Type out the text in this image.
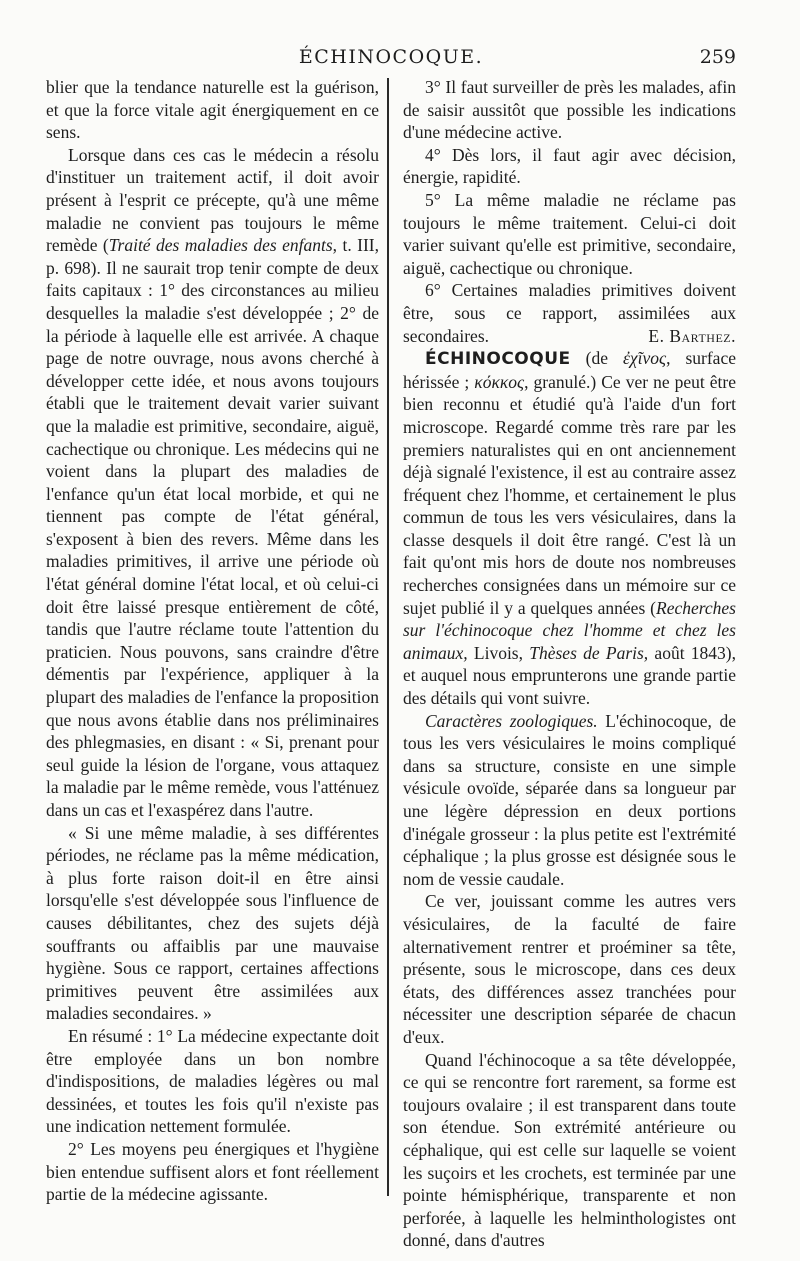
ÉCHINOCOQUE.	259

blier que la tendance naturelle est la guérison, et que la force vitale agit énergiquement en ce sens.

Lorsque dans ces cas le médecin a résolu d'instituer un traitement actif, il doit avoir présent à l'esprit ce précepte, qu'à une même maladie ne convient pas toujours le même remède (Traité des maladies des enfants, t. III, p. 698). Il ne saurait trop tenir compte de deux faits capitaux : 1° des circonstances au milieu desquelles la maladie s'est développée ; 2° de la période à laquelle elle est arrivée. A chaque page de notre ouvrage, nous avons cherché à développer cette idée, et nous avons toujours établi que le traitement devait varier suivant que la maladie est primitive, secondaire, aiguë, cachectique ou chronique. Les médecins qui ne voient dans la plupart des maladies de l'enfance qu'un état local morbide, et qui ne tiennent pas compte de l'état général, s'exposent à bien des revers. Même dans les maladies primitives, il arrive une période où l'état général domine l'état local, et où celui-ci doit être laissé presque entièrement de côté, tandis que l'autre réclame toute l'attention du praticien. Nous pouvons, sans craindre d'être démentis par l'expérience, appliquer à la plupart des maladies de l'enfance la proposition que nous avons établie dans nos préliminaires des phlegmasies, en disant : « Si, prenant pour seul guide la lésion de l'organe, vous attaquez la maladie par le même remède, vous l'atténuez dans un cas et l'exaspérez dans l'autre.

« Si une même maladie, à ses différentes périodes, ne réclame pas la même médication, à plus forte raison doit-il en être ainsi lorsqu'elle s'est développée sous l'influence de causes débilitantes, chez des sujets déjà souffrants ou affaiblis par une mauvaise hygiène. Sous ce rapport, certaines affections primitives peuvent être assimilées aux maladies secondaires. »

En résumé : 1° La médecine expectante doit être employée dans un bon nombre d'indispositions, de maladies légères ou mal dessinées, et toutes les fois qu'il n'existe pas une indication nettement formulée.

2° Les moyens peu énergiques et l'hygiène bien entendue suffisent alors et font réellement partie de la médecine agissante.

3° Il faut surveiller de près les malades, afin de saisir aussitôt que possible les indications d'une médecine active.

4° Dès lors, il faut agir avec décision, énergie, rapidité.

5° La même maladie ne réclame pas toujours le même traitement. Celui-ci doit varier suivant qu'elle est primitive, secondaire, aiguë, cachectique ou chronique.

6° Certaines maladies primitives doivent être, sous ce rapport, assimilées aux secondaires.	E. Barthez.

ÉCHINOCOQUE (de ἐχῖνος, surface hérissée ; κόκκος, granulé.) Ce ver ne peut être bien reconnu et étudié qu'à l'aide d'un fort microscope. Regardé comme très rare par les premiers naturalistes qui en ont anciennement déjà signalé l'existence, il est au contraire assez fréquent chez l'homme, et certainement le plus commun de tous les vers vésiculaires, dans la classe desquels il doit être rangé. C'est là un fait qu'ont mis hors de doute nos nombreuses recherches consignées dans un mémoire sur ce sujet publié il y a quelques années (Recherches sur l'échinocoque chez l'homme et chez les animaux, Livois, Thèses de Paris, août 1843), et auquel nous emprunterons une grande partie des détails qui vont suivre.

Caractères zoologiques. L'échinocoque, de tous les vers vésiculaires le moins compliqué dans sa structure, consiste en une simple vésicule ovoïde, séparée dans sa longueur par une légère dépression en deux portions d'inégale grosseur : la plus petite est l'extrémité céphalique ; la plus grosse est désignée sous le nom de vessie caudale.

Ce ver, jouissant comme les autres vers vésiculaires, de la faculté de faire alternativement rentrer et proéminer sa tête, présente, sous le microscope, dans ces deux états, des différences assez tranchées pour nécessiter une description séparée de chacun d'eux.

Quand l'échinocoque a sa tête développée, ce qui se rencontre fort rarement, sa forme est toujours ovalaire ; il est transparent dans toute son étendue. Son extrémité antérieure ou céphalique, qui est celle sur laquelle se voient les suçoirs et les crochets, est terminée par une pointe hémisphérique, transparente et non perforée, à laquelle les helminthologistes ont donné, dans d'autres
